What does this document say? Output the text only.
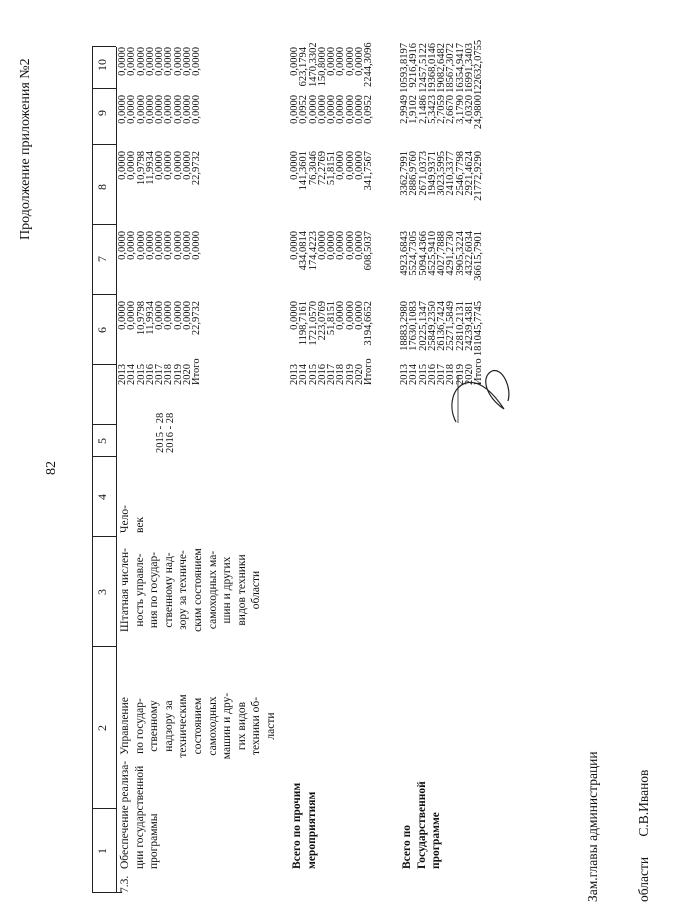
Продолжение приложения №2
82
1
2
3
4
5
6
7
8
9
10
7.3.
Обеспечение реализа-
ции государственной
программы
Управление
по государ-
ственному
надзору за
техническим
состоянием
самоходных
машин и дру-
гих видов
техники об-
ласти
Штатная числен-
ность управле-
ния по государ-
ственному над-
зору за техниче-
ским состоянием
самоходных ма-
шин и других
видов техники
области
Чело-
век
2015 - 28
2016 - 28
2013
2014
2015
2016
2017
2018
2019
2020
Итого
0,0000
0,0000
10,9798
11,9934
0,0000
0,0000
0,0000
0,0000
22,9732
0,0000
0,0000
0,0000
0,0000
0,0000
0,0000
0,0000
0,0000
0,0000
0,0000
0,0000
10,9798
11,9934
0,0000
0,0000
0,0000
0,0000
22,9732
0,0000
0,0000
0,0000
0,0000
0,0000
0,0000
0,0000
0,0000
0,0000
0,0000
0,0000
0,0000
0,0000
0,0000
0,0000
0,0000
0,0000
0,0000
Всего по прочим
мероприятиям
2013
2014
2015
2016
2017
2018
2019
2020
Итого
0,0000
1198,7161
1721,0570
223,0769
51,8151
0,0000
0,0000
0,0000
3194,6652
0,0000
434,0814
174,4223
0,0000
0,0000
0,0000
0,0000
0,0000
608,5037
0,0000
141,3601
76,3046
72,2769
51,8151
0,0000
0,0000
0,0000
341,7567
0,0000
0,0952
0,0000
0,0000
0,0000
0,0000
0,0000
0,0000
0,0952
0,0000
623,1794
1470,3302
150,8000
0,0000
0,0000
0,0000
0,0000
2244,3096
Всего по
Государственной
программе
2013
2014
2015
2016
2017
2018
2019
2020
Итого
18883,2980
17630,1083
20225,1347
25849,2350
26136,7424
25271,5849
22810,2131
24239,4381
181045,7745
4923,6843
5524,7305
5094,4366
4525,9410
4027,7888
4291,2730
3905,3224
4322,6034
36615,7901
3362,7991
2886,9760
2671,0373
1949,9371
3023,5995
2410,3377
2546,7798
2921,4624
21772,9290
2,9949
1,9102
2,1486
5,3423
2,7059
2,6670
3,1790
4,0320
24,9800
10593,8197
9216,4916
12457,5122
19368,0146
19082,6482
18567,3072
16354,9417
16991,3403
122632,0755

Зам.главы администрации

	области      С.В.Иванов
